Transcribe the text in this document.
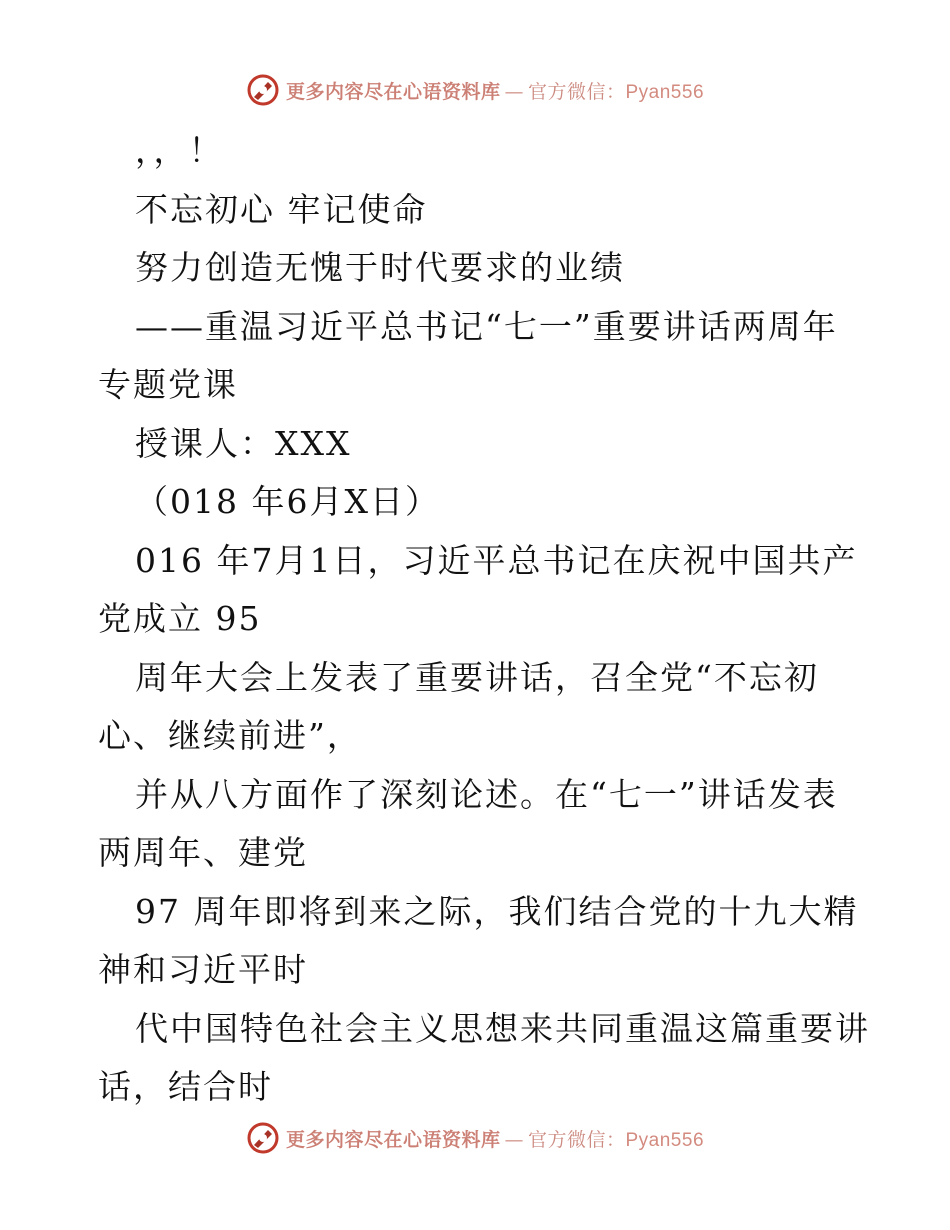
更多内容尽在心语资料库 — 官方微信：Pyan556
，，！
不忘初心 牢记使命
努力创造无愧于时代要求的业绩
——重温习近平总书记“七一”重要讲话两周年
专题党课
授课人：XXX
（018 年6月X日）
016 年7月1日，习近平总书记在庆祝中国共产
党成立 95
周年大会上发表了重要讲话，召全党“不忘初
心、继续前进”，
并从八方面作了深刻论述。在“七一”讲话发表
两周年、建党
97 周年即将到来之际，我们结合党的十九大精
神和习近平时
代中国特色社会主义思想来共同重温这篇重要讲
话，结合时
更多内容尽在心语资料库 — 官方微信：Pyan556
